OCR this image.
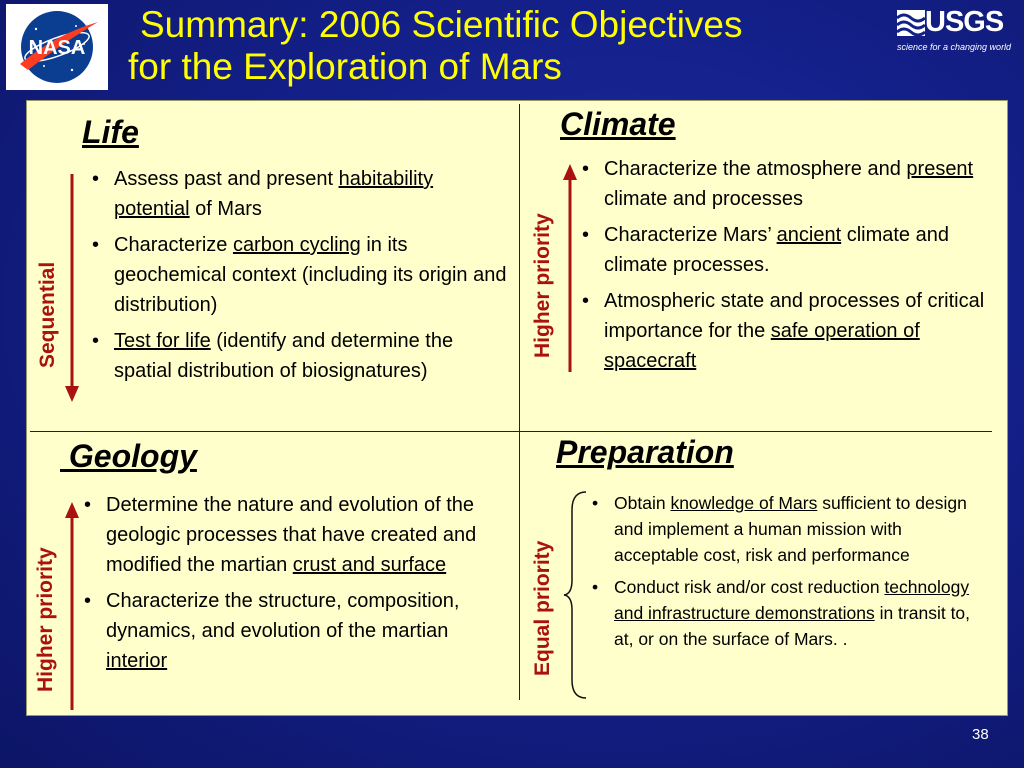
Summary: 2006 Scientific Objectives
for the Exploration of Mars
NASA
USGS
science for a changing world
Life
Sequential
• Assess past and present habitability potential of Mars
• Characterize carbon cycling in its geochemical context (including its origin and distribution)
• Test for life (identify and determine the spatial distribution of biosignatures)
Climate
Higher priority
• Characterize the atmosphere and present climate and processes
• Characterize Mars’ ancient climate and climate processes.
• Atmospheric state and processes of critical importance for the safe operation of spacecraft
Geology
Higher priority
• Determine the nature and evolution of the geologic processes that have created and modified the martian crust and surface
• Characterize the structure, composition, dynamics, and evolution of the martian interior
Preparation
Equal priority
• Obtain knowledge of Mars sufficient to design and implement a human mission with acceptable cost, risk and performance
• Conduct risk and/or cost reduction technology and infrastructure demonstrations in transit to, at, or on the surface of Mars. .
38
